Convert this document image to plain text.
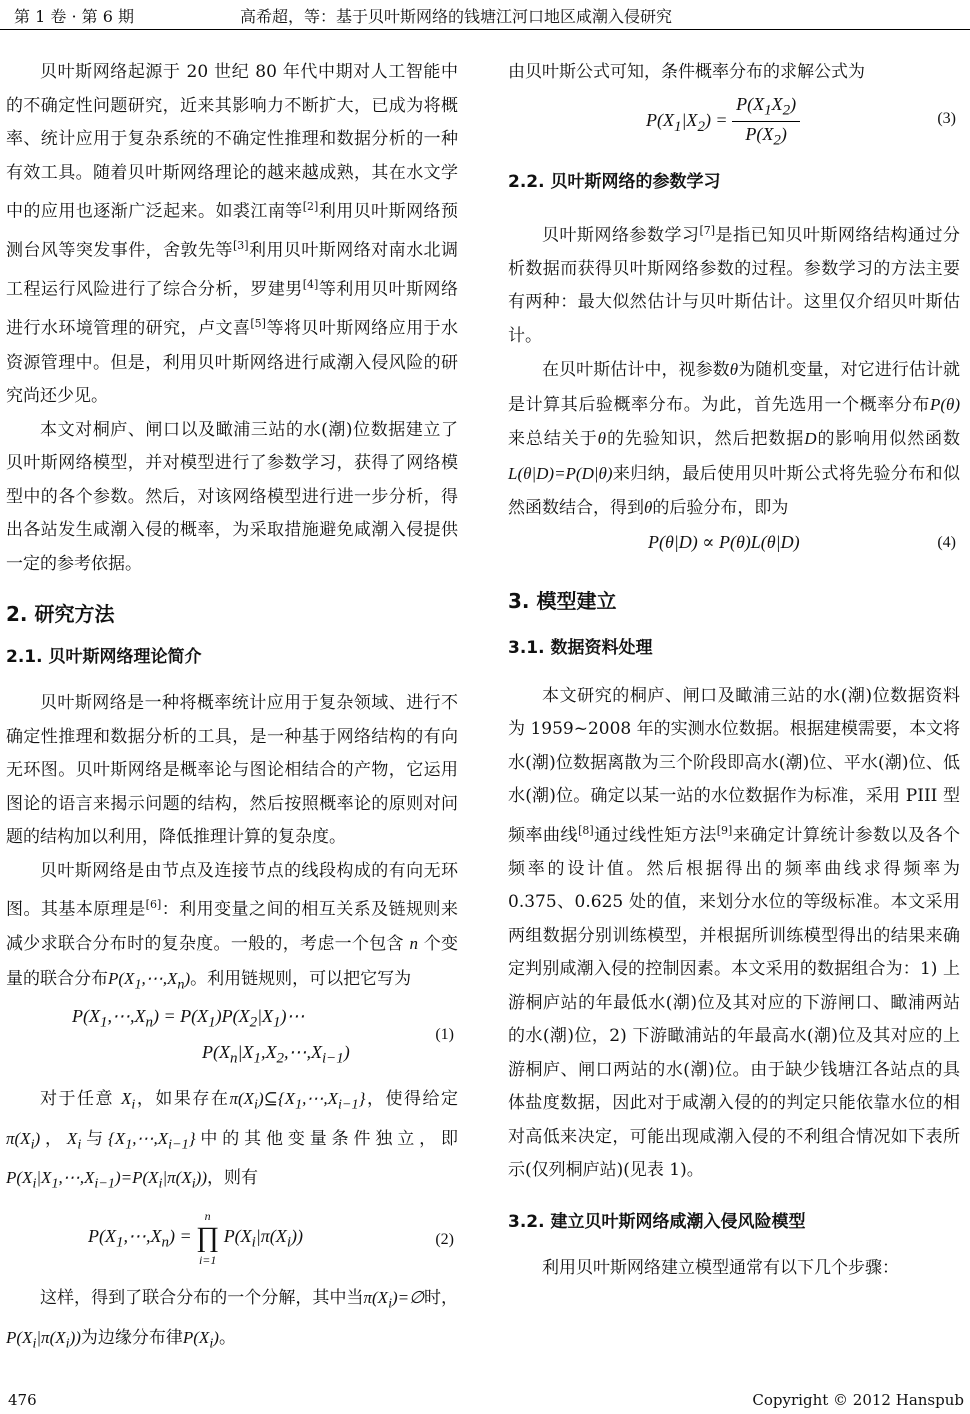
第 1 卷 · 第 6 期	高希超，等：基于贝叶斯网络的钱塘江河口地区咸潮入侵研究

贝叶斯网络起源于 20 世纪 80 年代中期对人工智能中的不确定性问题研究，近来其影响力不断扩大，已成为将概率、统计应用于复杂系统的不确定性推理和数据分析的一种有效工具。随着贝叶斯网络理论的越来越成熟，其在水文学中的应用也逐渐广泛起来。如裘江南等[2]利用贝叶斯网络预测台风等突发事件，舍敦先等[3]利用贝叶斯网络对南水北调工程运行风险进行了综合分析，罗建男[4]等利用贝叶斯网络进行水环境管理的研究，卢文喜[5]等将贝叶斯网络应用于水资源管理中。但是，利用贝叶斯网络进行咸潮入侵风险的研究尚还少见。

本文对桐庐、闸口以及瞰浦三站的水(潮)位数据建立了贝叶斯网络模型，并对模型进行了参数学习，获得了网络模型中的各个参数。然后，对该网络模型进行进一步分析，得出各站发生咸潮入侵的概率，为采取措施避免咸潮入侵提供一定的参考依据。

2. 研究方法
2.1. 贝叶斯网络理论简介

贝叶斯网络是一种将概率统计应用于复杂领域、进行不确定性推理和数据分析的工具，是一种基于网络结构的有向无环图。贝叶斯网络是概率论与图论相结合的产物，它运用图论的语言来揭示问题的结构，然后按照概率论的原则对问题的结构加以利用，降低推理计算的复杂度。

贝叶斯网络是由节点及连接节点的线段构成的有向无环图。其基本原理是[6]：利用变量之间的相互关系及链规则来减少求联合分布时的复杂度。一般的，考虑一个包含 n 个变量的联合分布$P(X_1,\cdots,X_n)$。利用链规则，可以把它写为

$P(X_1,\cdots,X_n)$ = $P(X_1)P(X_2|X_1)\cdots$
$P(X_n|X_1,X_2,\cdots,X_{i-1})$
(1)

对于任意 $X_i$，如果存在$\pi(X_i)⊆\{X_1,\cdots,X_{i-1}\}$，使得给定$\pi(X_i)$，$X_i$与$\{X_1,\cdots,X_{i-1}\}$中的其他变量条件独立，即$P(X_i|X_1,\cdots,X_{i-1})=P(X_i|\pi(X_i))$，则有

$P(X_1,\cdots,X_n)$ =
n
∏
i=1
$P(X_i|\pi(X_i))$	(2)

这样，得到了联合分布的一个分解，其中当$\pi(X_i)=\emptyset$时，$P(X_i|\pi(X_i))$为边缘分布律$P(X_i)$。

由贝叶斯公式可知，条件概率分布的求解公式为

$P(X_1|X_2) = \frac{P(X_1X_2)}{P(X_2)}$	(3)
2.2. 贝叶斯网络的参数学习

贝叶斯网络参数学习[7]是指已知贝叶斯网络结构通过分析数据而获得贝叶斯网络参数的过程。参数学习的方法主要有两种：最大似然估计与贝叶斯估计。这里仅介绍贝叶斯估计。

在贝叶斯估计中，视参数θ为随机变量，对它进行估计就是计算其后验概率分布。为此，首先选用一个概率分布P(θ)来总结关于θ的先验知识，然后把数据D的影响用似然函数L(θ|D)=P(D|θ)来归纳，最后使用贝叶斯公式将先验分布和似然函数结合，得到θ的后验分布，即为

P(θ|D) ∝ P(θ)L(θ|D)	(4)
3. 模型建立
3.1. 数据资料处理

本文研究的桐庐、闸口及瞰浦三站的水(潮)位数据资料为 1959~2008 年的实测水位数据。根据建模需要，本文将水(潮)位数据离散为三个阶段即高水(潮)位、平水(潮)位、低水(潮)位。确定以某一站的水位数据作为标准，采用 PIII 型频率曲线[8]通过线性矩方法[9]来确定计算统计参数以及各个频率的设计值。然后根据得出的频率曲线求得频率为 0.375、0.625 处的值，来划分水位的等级标准。本文采用两组数据分别训练模型，并根据所训练模型得出的结果来确定判别咸潮入侵的控制因素。本文采用的数据组合为：1) 上游桐庐站的年最低水(潮)位及其对应的下游闸口、瞰浦两站的水(潮)位，2) 下游瞰浦站的年最高水(潮)位及其对应的上游桐庐、闸口两站的水(潮)位。由于缺少钱塘江各站点的具体盐度数据，因此对于咸潮入侵的的判定只能依靠水位的相对高低来决定，可能出现咸潮入侵的不利组合情况如下表所示(仅列桐庐站)(见表 1)。

3.2. 建立贝叶斯网络咸潮入侵风险模型

利用贝叶斯网络建立模型通常有以下几个步骤：

476	Copyright © 2012 Hanspub
